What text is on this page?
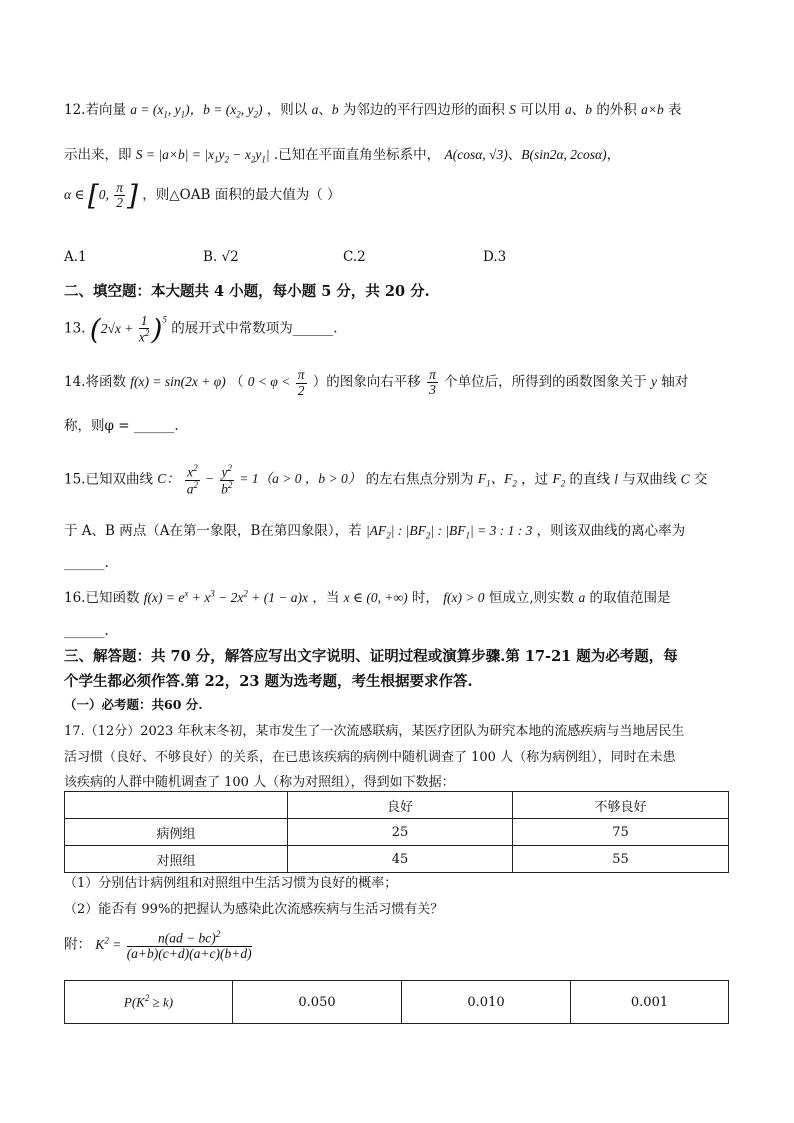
12.若向量 $a = (x_1$, $y_1$)，$b = (x_2$, $y_2$) ，则以 a、b 为邻边的平行四边形的面积 S 可以用 a、b 的外积 a×b 表
示出来，即 $S = |a\times b| = |x_1y_2 - x_2y_1|$ .已知在平面直角坐标系中， A(cosα, √3)、B(sin2α, 2cosα)，
α ∈ [0, $\frac{\pi}{2}$ ] ，则△OAB 面积的最大值为（ ）
A.1	B. √2	C.2	D.3
二、填空题：本大题共 4 小题，每小题 5 分，共 20 分.
13. $(2√x + \frac{1}{x^2} )^5$ 的展开式中常数项为______.
14.将函数 f(x) = sin(2x + φ) （ $0 < \varphi < \frac{\pi}{2}$ ）的图象向右平移 $\frac{\pi}{3}$ 个单位后，所得到的函数图象关于 y 轴对
称，则φ = ______.
15.已知双曲线 C： $\frac{x^2}{a^2} - \frac{y^2}{b^2} = 1(a > 0$ ，b > 0） 的左右焦点分别为 $F_1$、$F_2$ ，过 $F_2$ 的直线 l 与双曲线 C 交
于 A、B 两点（A在第一象限，B在第四象限），若 $|AF_2|$ : $|BF_2|$ : $|BF_1| = 3$ : 1 : 3 ，则该双曲线的离心率为
______.
16.已知函数 $f(x) = e^x + x^3 - 2x^2 + (1 - a)x$ ，当 x ∈ (0, +∞) 时， f(x) > 0 恒成立,则实数 a 的取值范围是
______.
三、解答题：共 70 分，解答应写出文字说明、证明过程或演算步骤.第 17-21 题为必考题，每
个学生都必须作答.第 22，23 题为选考题，考生根据要求作答.
（一）必考题：共60 分.
17.（12分）2023 年秋末冬初，某市发生了一次流感联病，某医疗团队为研究本地的流感疾病与当地居民生
活习惯（良好、不够良好）的关系，在已患该疾病的病例中随机调查了 100 人（称为病例组），同时在未患
该疾病的人群中随机调查了 100 人（称为对照组），得到如下数据：
	良好	不够良好
病例组	25	75
对照组	45	55
（1）分别估计病例组和对照组中生活习惯为良好的概率；
（2）能否有 99%的把握认为感染此次流感疾病与生活习惯有关？
附： $K^2 = \frac{n(ad - bc)^2}{(a+b)(c+d)(a+c)(b+d)}$
$P(K^2 \ge k)$	0.050	0.010	0.001
